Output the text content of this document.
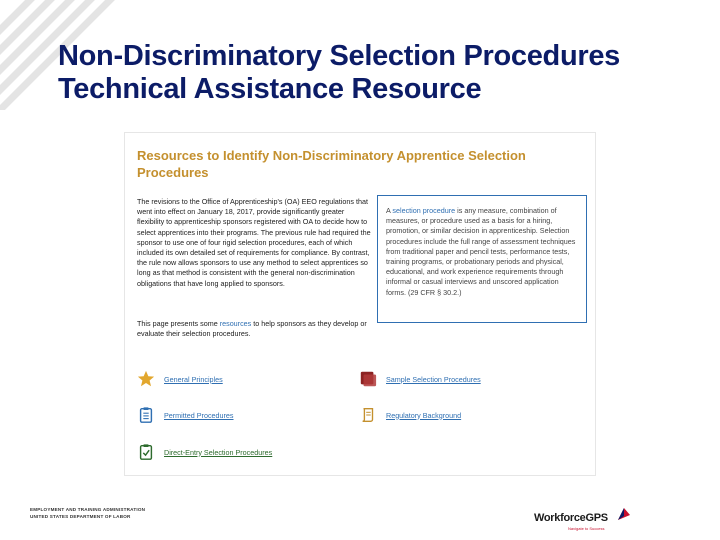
Non-Discriminatory Selection Procedures
Technical Assistance Resource
Resources to Identify Non-Discriminatory Apprentice Selection Procedures
The revisions to the Office of Apprenticeship's (OA) EEO regulations that went into effect on January 18, 2017, provide significantly greater flexibility to apprenticeship sponsors registered with OA to decide how to select apprentices into their programs. The previous rule had required the sponsor to use one of four rigid selection procedures, each of which included its own detailed set of requirements for compliance. By contrast, the rule now allows sponsors to use any method to select apprentices so long as that method is consistent with the general non-discrimination obligations that have long applied to sponsors.
This page presents some resources to help sponsors as they develop or evaluate their selection procedures.
A selection procedure is any measure, combination of measures, or procedure used as a basis for a hiring, promotion, or similar decision in apprenticeship. Selection procedures include the full range of assessment techniques from traditional paper and pencil tests, performance tests, training programs, or probationary periods and physical, educational, and work experience requirements through informal or casual interviews and unscored application forms. (29 CFR § 30.2.)
General Principles	Sample Selection Procedures
Permitted Procedures	Regulatory Background
Direct-Entry Selection Procedures
EMPLOYMENT AND TRAINING ADMINISTRATION
UNITED STATES DEPARTMENT OF LABOR	WorkforceGPS
Navigate to Success
